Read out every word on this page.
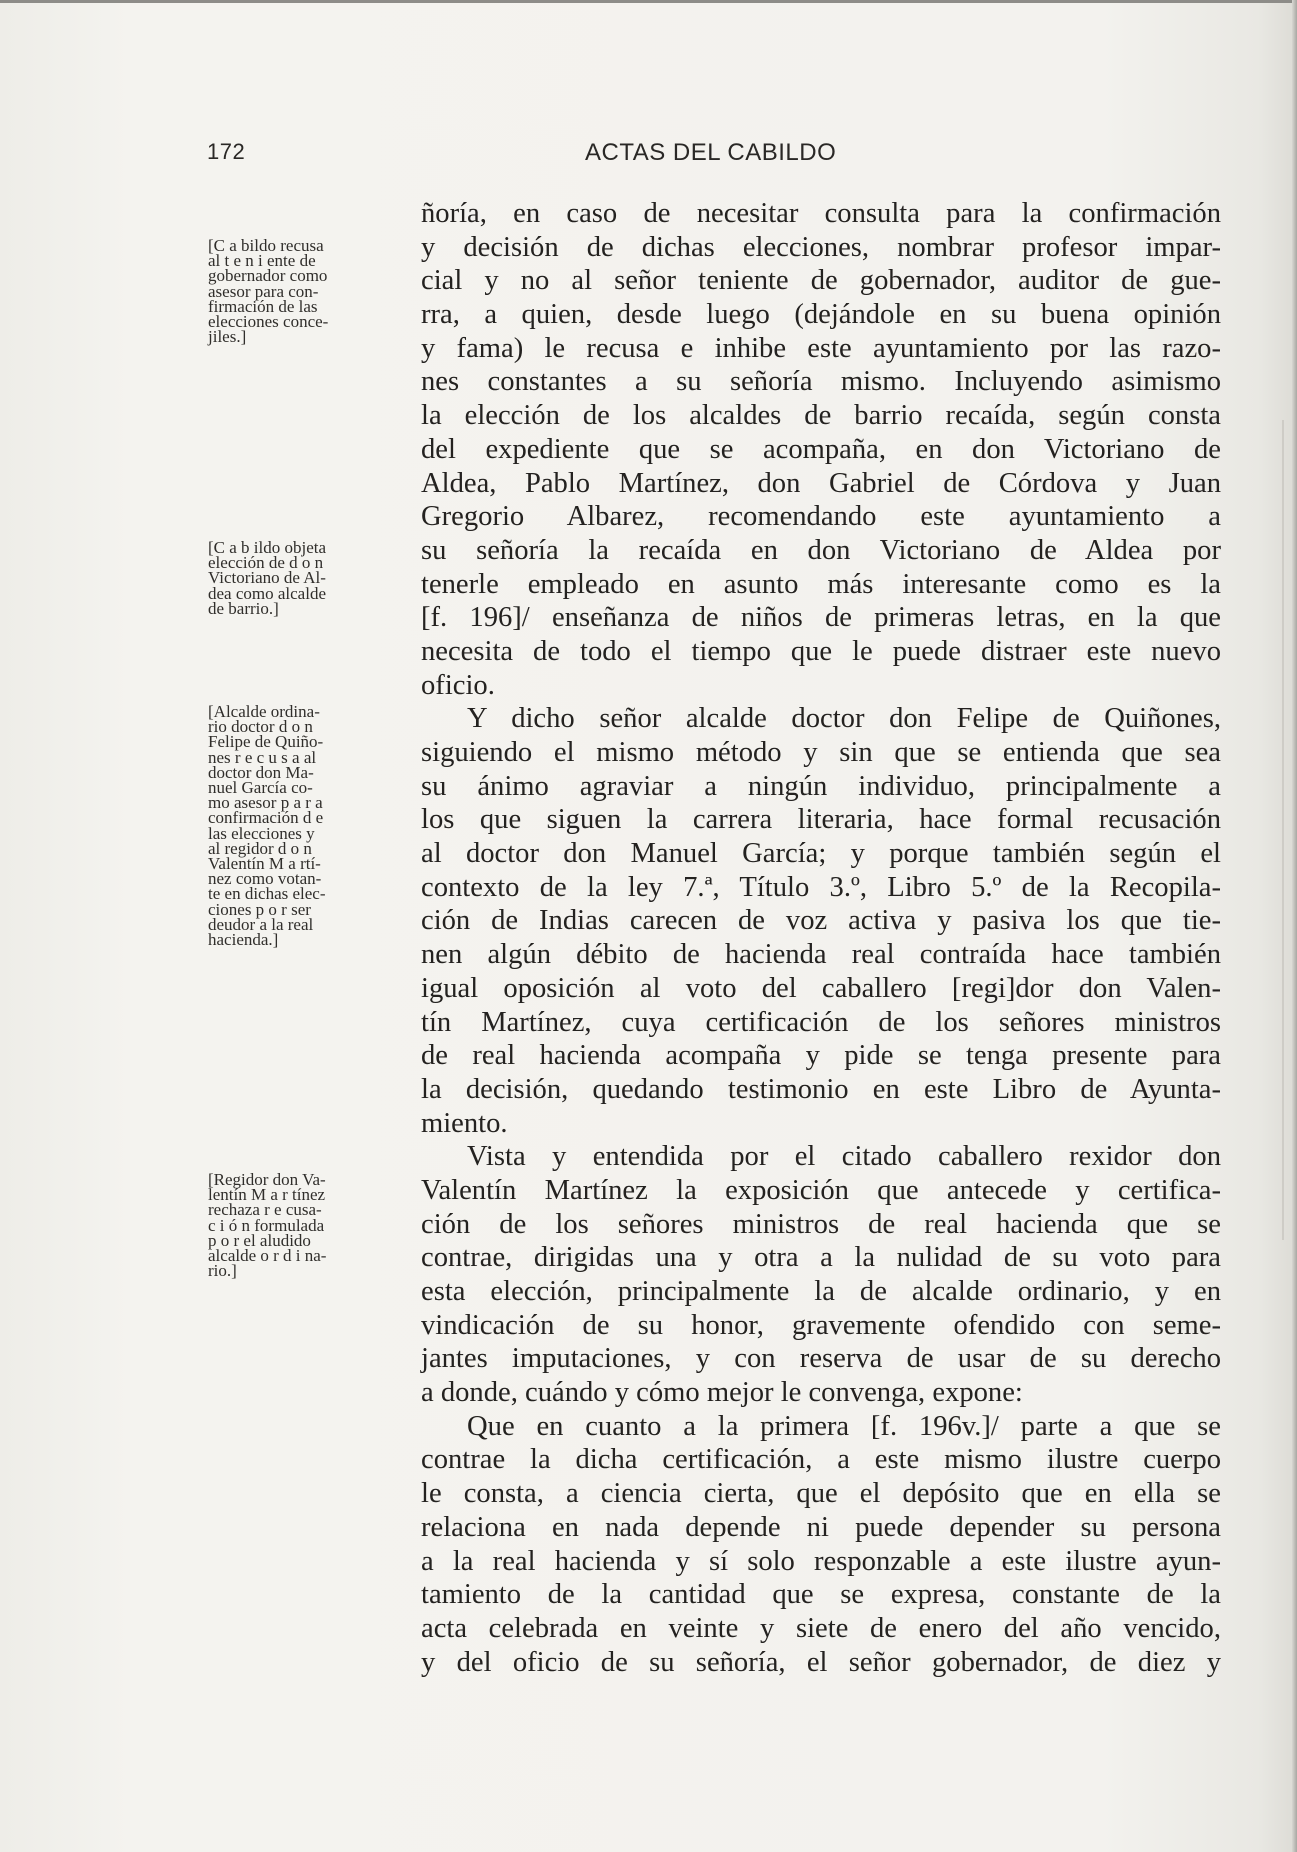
172	ACTAS DEL CABILDO
[C a bildo recusa
al t e n i ente de
gobernador como
asesor para con-
firmación de las
elecciones conce-
jiles.]
[C a b ildo objeta
elección de d o n
Victoriano de Al-
dea como alcalde
de barrio.]
[Alcalde ordina-
rio doctor d o n
Felipe de Quiño-
nes r e c u s a al
doctor don Ma-
nuel García co-
mo asesor p a r a
confirmación d e
las elecciones y
al regidor d o n
Valentín M a rtí-
nez como votan-
te en dichas elec-
ciones p o r ser
deudor a la real
hacienda.]
[Regidor don Va-
lentín M a r tínez
rechaza r e cusa-
c i ó n formulada
p o r el aludido
alcalde o r d i na-
rio.]
ñoría, en caso de necesitar consulta para la confirmación
y decisión de dichas elecciones, nombrar profesor impar-
cial y no al señor teniente de gobernador, auditor de gue-
rra, a quien, desde luego (dejándole en su buena opinión
y fama) le recusa e inhibe este ayuntamiento por las razo-
nes constantes a su señoría mismo. Incluyendo asimismo
la elección de los alcaldes de barrio recaída, según consta
del expediente que se acompaña, en don Victoriano de
Aldea, Pablo Martínez, don Gabriel de Córdova y Juan
Gregorio Albarez, recomendando este ayuntamiento a
su señoría la recaída en don Victoriano de Aldea por
tenerle empleado en asunto más interesante como es la
[f. 196]/ enseñanza de niños de primeras letras, en la que
necesita de todo el tiempo que le puede distraer este nuevo
oficio.
Y dicho señor alcalde doctor don Felipe de Quiñones,
siguiendo el mismo método y sin que se entienda que sea
su ánimo agraviar a ningún individuo, principalmente a
los que siguen la carrera literaria, hace formal recusación
al doctor don Manuel García; y porque también según el
contexto de la ley 7.ª, Título 3.º, Libro 5.º de la Recopila-
ción de Indias carecen de voz activa y pasiva los que tie-
nen algún débito de hacienda real contraída hace también
igual oposición al voto del caballero [regi]dor don Valen-
tín Martínez, cuya certificación de los señores ministros
de real hacienda acompaña y pide se tenga presente para
la decisión, quedando testimonio en este Libro de Ayunta-
miento.
Vista y entendida por el citado caballero rexidor don
Valentín Martínez la exposición que antecede y certifica-
ción de los señores ministros de real hacienda que se
contrae, dirigidas una y otra a la nulidad de su voto para
esta elección, principalmente la de alcalde ordinario, y en
vindicación de su honor, gravemente ofendido con seme-
jantes imputaciones, y con reserva de usar de su derecho
a donde, cuándo y cómo mejor le convenga, expone:
Que en cuanto a la primera [f. 196v.]/ parte a que se
contrae la dicha certificación, a este mismo ilustre cuerpo
le consta, a ciencia cierta, que el depósito que en ella se
relaciona en nada depende ni puede depender su persona
a la real hacienda y sí solo responzable a este ilustre ayun-
tamiento de la cantidad que se expresa, constante de la
acta celebrada en veinte y siete de enero del año vencido,
y del oficio de su señoría, el señor gobernador, de diez y
